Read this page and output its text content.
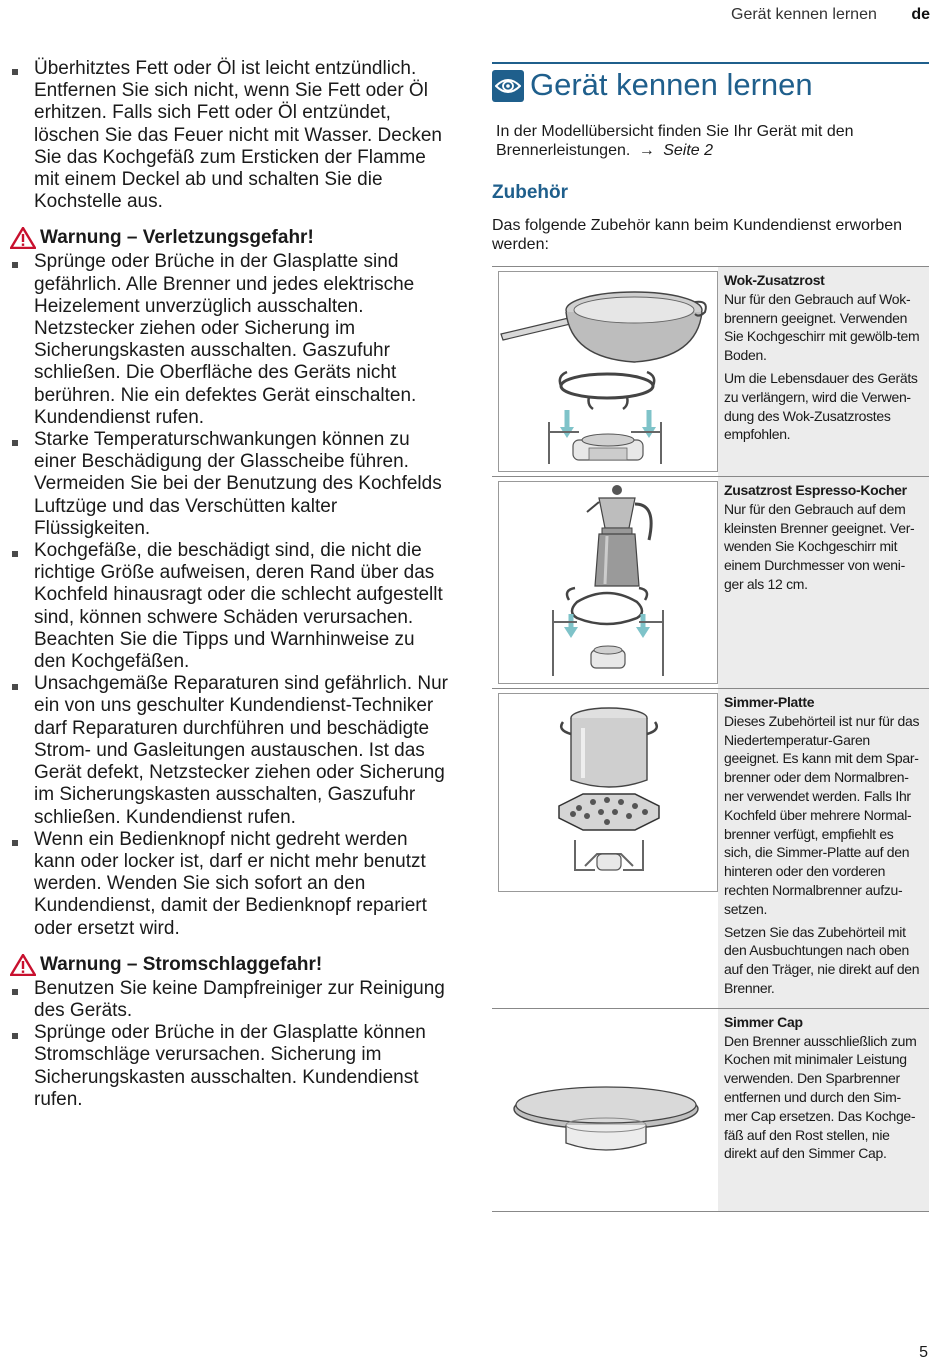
Gerät kennen lernen de
Überhitztes Fett oder Öl ist leicht entzündlich. Entfernen Sie sich nicht, wenn Sie Fett oder Öl erhitzen. Falls sich Fett oder Öl entzündet, löschen Sie das Feuer nicht mit Wasser. Decken Sie das Kochgefäß zum Ersticken der Flamme mit einem Deckel ab und schalten Sie die Kochstelle aus.
Warnung – Verletzungsgefahr!
Sprünge oder Brüche in der Glasplatte sind gefährlich. Alle Brenner und jedes elektrische Heizelement unverzüglich ausschalten. Netzstecker ziehen oder Sicherung im Sicherungskasten ausschalten. Gaszufuhr schließen. Die Oberfläche des Geräts nicht berühren. Nie ein defektes Gerät einschalten. Kundendienst rufen.
Starke Temperaturschwankungen können zu einer Beschädigung der Glasscheibe führen. Vermeiden Sie bei der Benutzung des Kochfelds Luftzüge und das Verschütten kalter Flüssigkeiten.
Kochgefäße, die beschädigt sind, die nicht die richtige Größe aufweisen, deren Rand über das Kochfeld hinausragt oder die schlecht aufgestellt sind, können schwere Schäden verursachen. Beachten Sie die Tipps und Warnhinweise zu den Kochgefäßen.
Unsachgemäße Reparaturen sind gefährlich. Nur ein von uns geschulter Kundendienst-Techniker darf Reparaturen durchführen und beschädigte Strom- und Gasleitungen austauschen. Ist das Gerät defekt, Netzstecker ziehen oder Sicherung im Sicherungskasten ausschalten, Gaszufuhr schließen. Kundendienst rufen.
Wenn ein Bedienknopf nicht gedreht werden kann oder locker ist, darf er nicht mehr benutzt werden. Wenden Sie sich sofort an den Kundendienst, damit der Bedienknopf repariert oder ersetzt wird.
Warnung – Stromschlaggefahr!
Benutzen Sie keine Dampfreiniger zur Reinigung des Geräts.
Sprünge oder Brüche in der Glasplatte können Stromschläge verursachen. Sicherung im Sicherungskasten ausschalten. Kundendienst rufen.
Gerät kennen lernen
In der Modellübersicht finden Sie Ihr Gerät mit den Brennerleistungen. → Seite 2
Zubehör
Das folgende Zubehör kann beim Kundendienst erworben werden:
Wok-Zusatzrost

Nur für den Gebrauch auf Wok-brennern geeignet. Verwenden Sie Kochgeschirr mit gewölb-tem Boden.

Um die Lebensdauer des Geräts zu verlängern, wird die Verwen-dung des Wok-Zusatzrostes empfohlen.

Zusatzrost Espresso-Kocher

Nur für den Gebrauch auf dem kleinsten Brenner geeignet. Ver-wenden Sie Kochgeschirr mit einem Durchmesser von weni-ger als 12 cm.

Simmer-Platte

Dieses Zubehörteil ist nur für das Niedertemperatur-Garen geeignet. Es kann mit dem Spar-brenner oder dem Normalbren-ner verwendet werden. Falls Ihr Kochfeld über mehrere Normal-brenner verfügt, empfiehlt es sich, die Simmer-Platte auf den hinteren oder den vorderen rechten Normalbrenner aufzu-setzen.

Setzen Sie das Zubehörteil mit den Ausbuchtungen nach oben auf den Träger, nie direkt auf den Brenner.

Simmer Cap

Den Brenner ausschließlich zum Kochen mit minimaler Leistung verwenden. Den Sparbrenner entfernen und durch den Sim-mer Cap ersetzen. Das Kochge-fäß auf den Rost stellen, nie direkt auf den Simmer Cap.

5
